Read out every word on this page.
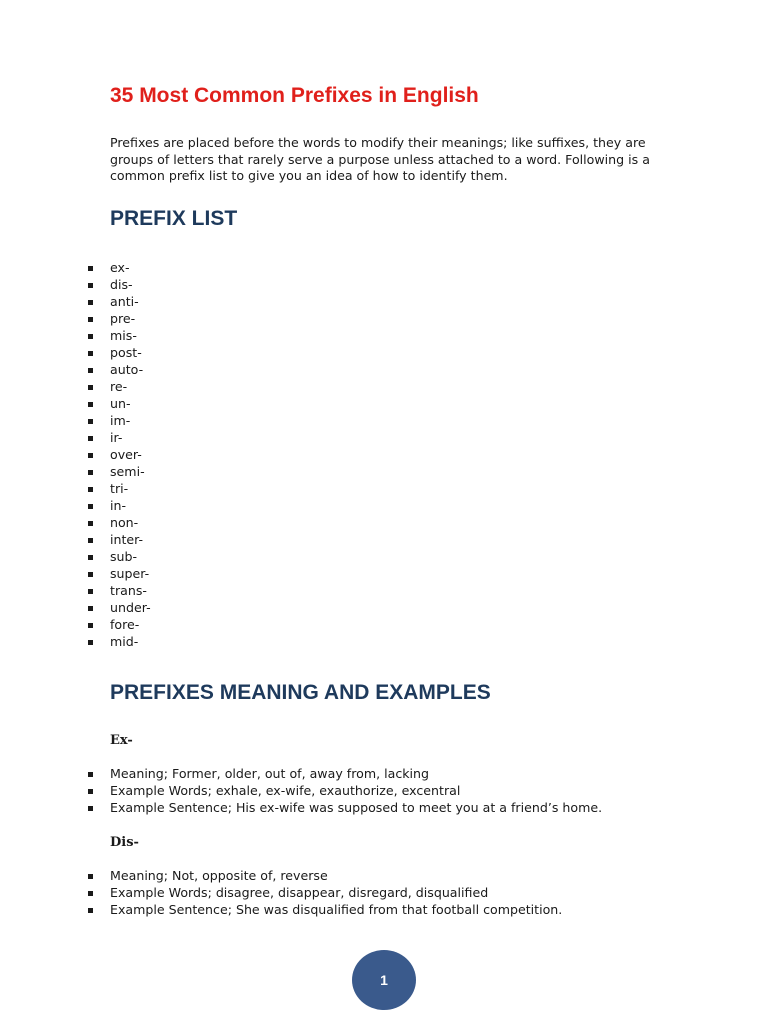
35 Most Common Prefixes in English

Prefixes are placed before the words to modify their meanings; like suffixes, they are groups of letters that rarely serve a purpose unless attached to a word. Following is a common prefix list to give you an idea of how to identify them.

PREFIX LIST
ex-
dis-
anti-
pre-
mis-
post-
auto-
re-
un-
im-
ir-
over-
semi-
tri-
in-
non-
inter-
sub-
super-
trans-
under-
fore-
mid-
PREFIXES MEANING AND EXAMPLES
Ex-
Meaning; Former, older, out of, away from, lacking
Example Words; exhale, ex-wife, exauthorize, excentral
Example Sentence; His ex-wife was supposed to meet you at a friend’s home.
Dis-
Meaning; Not, opposite of, reverse
Example Words; disagree, disappear, disregard, disqualified
Example Sentence; She was disqualified from that football competition.
1
